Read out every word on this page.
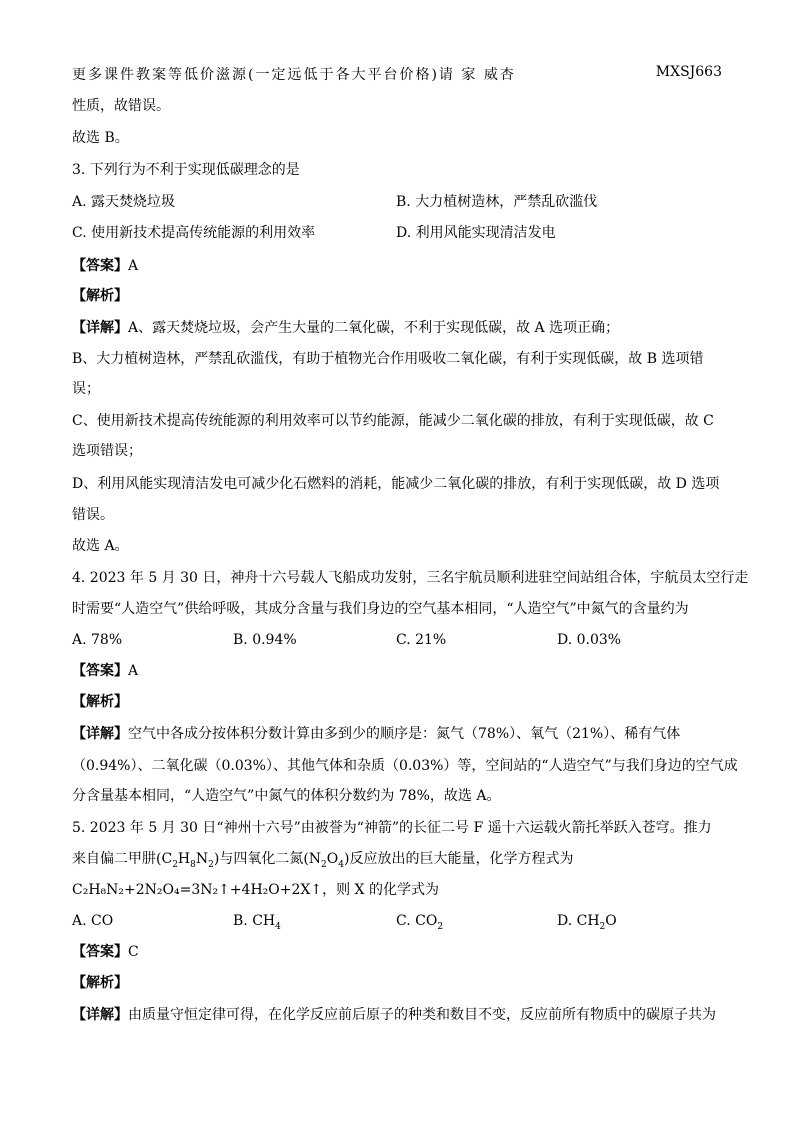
更多课件教案等低价滋源(一定远低于各大平台价格)请 家 威杏	MXSJ663
性质，故错误。
故选 B。
3. 下列行为不利于实现低碳理念的是
A. 露天焚烧垃圾	B. 大力植树造林，严禁乱砍滥伐
C. 使用新技术提高传统能源的利用效率	D. 利用风能实现清洁发电
【答案】A
【解析】
【详解】A、露天焚烧垃圾，会产生大量的二氧化碳，不利于实现低碳，故 A 选项正确；
B、大力植树造林，严禁乱砍滥伐，有助于植物光合作用吸收二氧化碳，有利于实现低碳，故 B 选项错
误；
C、使用新技术提高传统能源的利用效率可以节约能源，能减少二氧化碳的排放，有利于实现低碳，故 C
选项错误；
D、利用风能实现清洁发电可减少化石燃料的消耗，能减少二氧化碳的排放，有利于实现低碳，故 D 选项
错误。
故选 A。
4. 2023 年 5 月 30 日，神舟十六号载人飞船成功发射，三名宇航员顺利进驻空间站组合体，宇航员太空行走
时需要“人造空气”供给呼吸，其成分含量与我们身边的空气基本相同，“人造空气”中氮气的含量约为
A. 78%	B. 0.94%	C. 21%	D. 0.03%
【答案】A
【解析】
【详解】空气中各成分按体积分数计算由多到少的顺序是：氮气（78%）、氧气（21%）、稀有气体
（0.94%）、二氧化碳（0.03%）、其他气体和杂质（0.03%）等，空间站的“人造空气”与我们身边的空气成
分含量基本相同，“人造空气”中氮气的体积分数约为 78%，故选 A。
5. 2023 年 5 月 30 日“神州十六号”由被誉为“神箭”的长征二号 F 遥十六运载火箭托举跃入苍穹。推力
来自偏二甲肼$(C_2H_8N_2)$与四氧化二氮$(N_2O_4)$反应放出的巨大能量，化学方程式为
C₂H₈N₂+2N₂O₄=3N₂↑+4H₂O+2X↑，则 X 的化学式为
A. CO	B. $CH_4$	C. $CO_2$	D. $CH_2O$
【答案】C
【解析】
【详解】由质量守恒定律可得，在化学反应前后原子的种类和数目不变，反应前所有物质中的碳原子共为
